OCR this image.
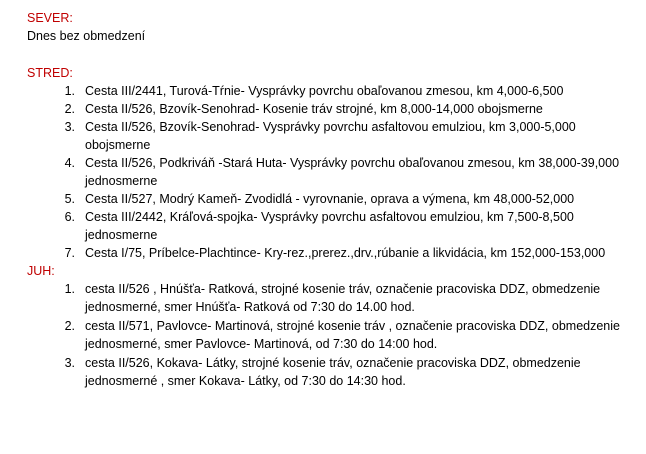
SEVER:

Dnes bez obmedzení

STRED:

1. Cesta III/2441, Turová-Tŕnie- Vysprávky povrchu obaľovanou zmesou, km 4,000-6,500
2. Cesta II/526, Bzovík-Senohrad- Kosenie tráv strojné, km 8,000-14,000 obojsmerne
3. Cesta II/526, Bzovík-Senohrad- Vysprávky povrchu asfaltovou emulziou, km 3,000-5,000 obojsmerne
4. Cesta II/526, Podkriváň -Stará Huta- Vysprávky povrchu obaľovanou zmesou, km 38,000-39,000 jednosmerne
5. Cesta II/527, Modrý Kameň- Zvodidlá - vyrovnanie, oprava a výmena, km 48,000-52,000
6. Cesta III/2442, Kráľová-spojka- Vysprávky povrchu asfaltovou emulziou, km 7,500-8,500 jednosmerne
7. Cesta I/75, Príbelce-Plachtince- Kry-rez.,prerez.,drv.,rúbanie a likvidácia, km 152,000-153,000

JUH:

1. cesta II/526 , Hnúšťa- Ratková, strojné kosenie tráv, označenie pracoviska DDZ, obmedzenie jednosmerné, smer Hnúšťa- Ratková od 7:30 do 14.00 hod.
2. cesta II/571, Pavlovce- Martinová, strojné kosenie tráv , označenie pracoviska DDZ, obmedzenie jednosmerné, smer Pavlovce- Martinová, od 7:30 do 14:00 hod.
3. cesta II/526, Kokava- Látky, strojné kosenie tráv, označenie pracoviska DDZ, obmedzenie jednosmerné , smer Kokava- Látky, od 7:30 do 14:30 hod.
